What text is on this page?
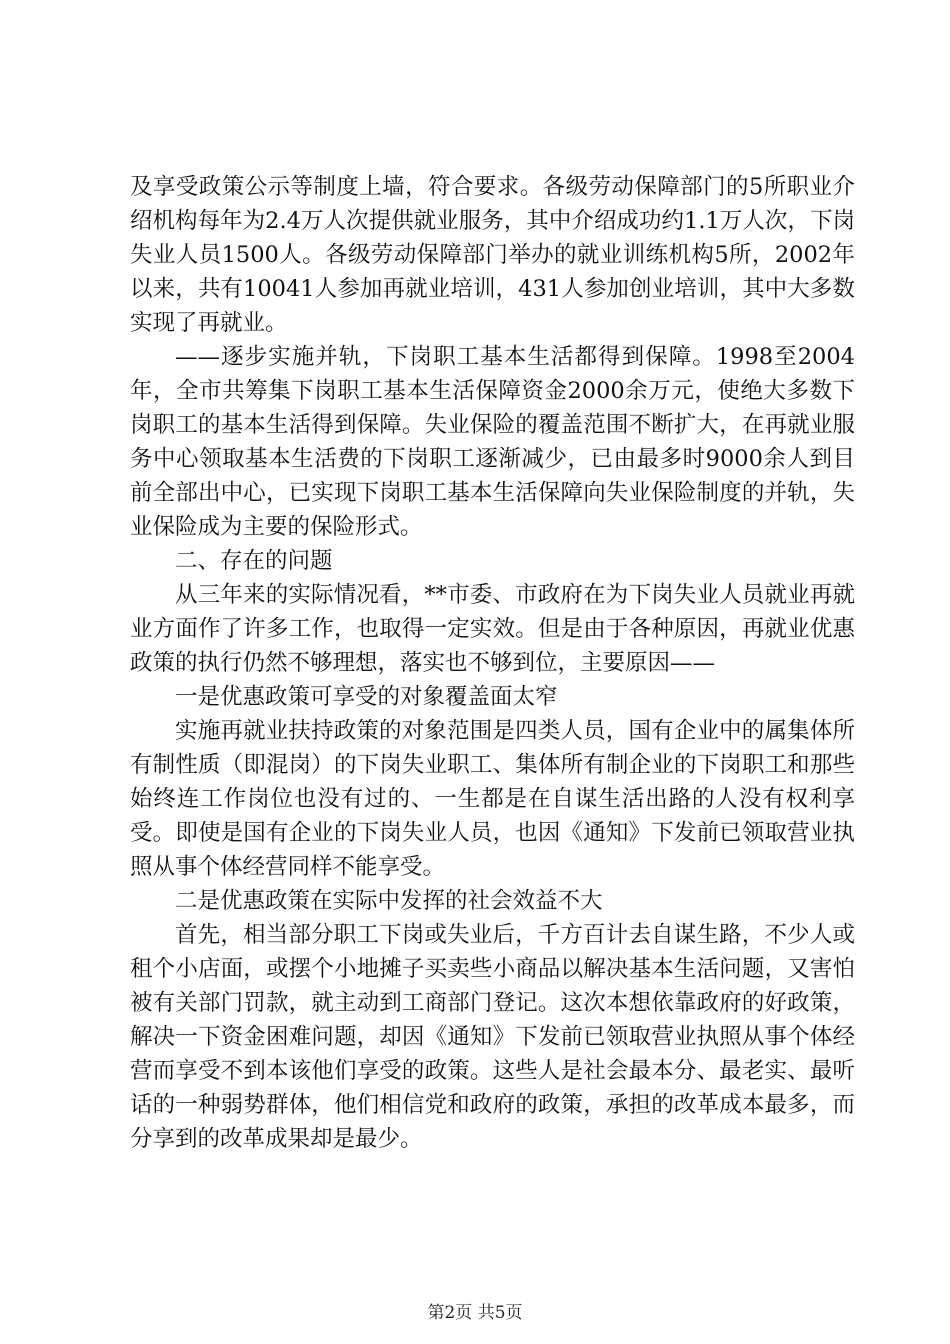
及享受政策公示等制度上墙，符合要求。各级劳动保障部门的5所职业介绍机构每年为2.4万人次提供就业服务，其中介绍成功约1.1万人次，下岗失业人员1500人。各级劳动保障部门举办的就业训练机构5所，2002年以来，共有10041人参加再就业培训，431人参加创业培训，其中大多数实现了再就业。

——逐步实施并轨，下岗职工基本生活都得到保障。1998至2004年，全市共筹集下岗职工基本生活保障资金2000余万元，使绝大多数下岗职工的基本生活得到保障。失业保险的覆盖范围不断扩大，在再就业服务中心领取基本生活费的下岗职工逐渐减少，已由最多时9000余人到目前全部出中心，已实现下岗职工基本生活保障向失业保险制度的并轨，失业保险成为主要的保险形式。

二、存在的问题

从三年来的实际情况看，**市委、市政府在为下岗失业人员就业再就业方面作了许多工作，也取得一定实效。但是由于各种原因，再就业优惠政策的执行仍然不够理想，落实也不够到位，主要原因——

一是优惠政策可享受的对象覆盖面太窄

实施再就业扶持政策的对象范围是四类人员，国有企业中的属集体所有制性质（即混岗）的下岗失业职工、集体所有制企业的下岗职工和那些始终连工作岗位也没有过的、一生都是在自谋生活出路的人没有权利享受。即使是国有企业的下岗失业人员，也因《通知》下发前已领取营业执照从事个体经营同样不能享受。

二是优惠政策在实际中发挥的社会效益不大

首先，相当部分职工下岗或失业后，千方百计去自谋生路，不少人或租个小店面，或摆个小地摊子买卖些小商品以解决基本生活问题，又害怕被有关部门罚款，就主动到工商部门登记。这次本想依靠政府的好政策，解决一下资金困难问题，却因《通知》下发前已领取营业执照从事个体经营而享受不到本该他们享受的政策。这些人是社会最本分、最老实、最听话的一种弱势群体，他们相信党和政府的政策，承担的改革成本最多，而分享到的改革成果却是最少。

第2页 共5页
